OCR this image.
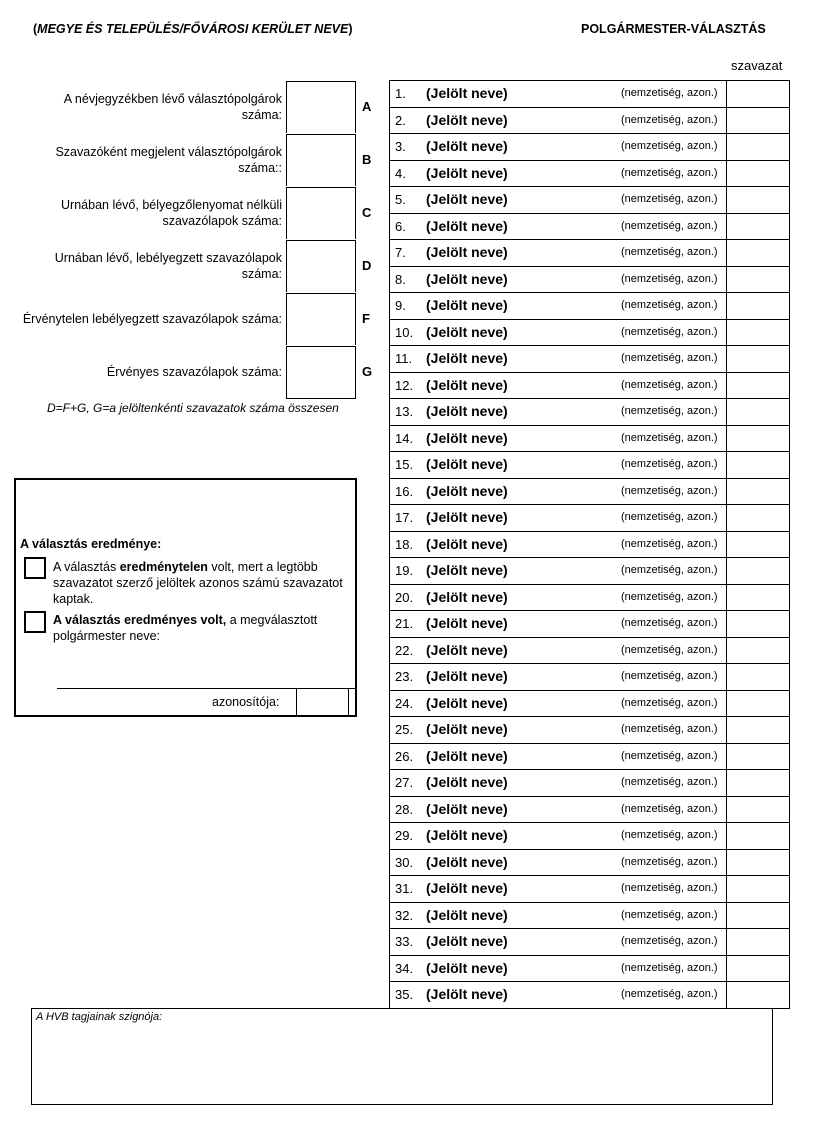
(MEGYE ÉS TELEPÜLÉS/FŐVÁROSI KERÜLET NEVE)	POLGÁRMESTER-VÁLASZTÁS
szavazat
A névjegyzékben lévő választópolgárok
száma:
A
Szavazóként megjelent választópolgárok
száma::
B
Urnában lévő, bélyegzőlenyomat nélküli
szavazólapok száma:
C
Urnában lévő, lebélyegzett szavazólapok
száma:
D
Érvénytelen lebélyegzett szavazólapok száma:	F
Érvényes szavazólapok száma:	G
D=F+G, G=a jelöltenkénti szavazatok száma összesen
A választás eredménye:
A választás eredménytelen volt, mert a legtöbb szavazatot szerző jelöltek azonos számú szavazatot kaptak.
A választás eredményes volt, a megválasztott polgármester neve:
azonosítója:
1. (Jelölt neve)	(nemzetiség, azon.)
2. (Jelölt neve)	(nemzetiség, azon.)
3. (Jelölt neve)	(nemzetiség, azon.)
4. (Jelölt neve)	(nemzetiség, azon.)
5. (Jelölt neve)	(nemzetiség, azon.)
6. (Jelölt neve)	(nemzetiség, azon.)
7. (Jelölt neve)	(nemzetiség, azon.)
8. (Jelölt neve)	(nemzetiség, azon.)
9. (Jelölt neve)	(nemzetiség, azon.)
10. (Jelölt neve)	(nemzetiség, azon.)
11. (Jelölt neve)	(nemzetiség, azon.)
12. (Jelölt neve)	(nemzetiség, azon.)
13. (Jelölt neve)	(nemzetiség, azon.)
14. (Jelölt neve)	(nemzetiség, azon.)
15. (Jelölt neve)	(nemzetiség, azon.)
16. (Jelölt neve)	(nemzetiség, azon.)
17. (Jelölt neve)	(nemzetiség, azon.)
18. (Jelölt neve)	(nemzetiség, azon.)
19. (Jelölt neve)	(nemzetiség, azon.)
20. (Jelölt neve)	(nemzetiség, azon.)
21. (Jelölt neve)	(nemzetiség, azon.)
22. (Jelölt neve)	(nemzetiség, azon.)
23. (Jelölt neve)	(nemzetiség, azon.)
24. (Jelölt neve)	(nemzetiség, azon.)
25. (Jelölt neve)	(nemzetiség, azon.)
26. (Jelölt neve)	(nemzetiség, azon.)
27. (Jelölt neve)	(nemzetiség, azon.)
28. (Jelölt neve)	(nemzetiség, azon.)
29. (Jelölt neve)	(nemzetiség, azon.)
30. (Jelölt neve)	(nemzetiség, azon.)
31. (Jelölt neve)	(nemzetiség, azon.)
32. (Jelölt neve)	(nemzetiség, azon.)
33. (Jelölt neve)	(nemzetiség, azon.)
34. (Jelölt neve)	(nemzetiség, azon.)
35. (Jelölt neve)	(nemzetiség, azon.)
A HVB tagjainak szignója:
